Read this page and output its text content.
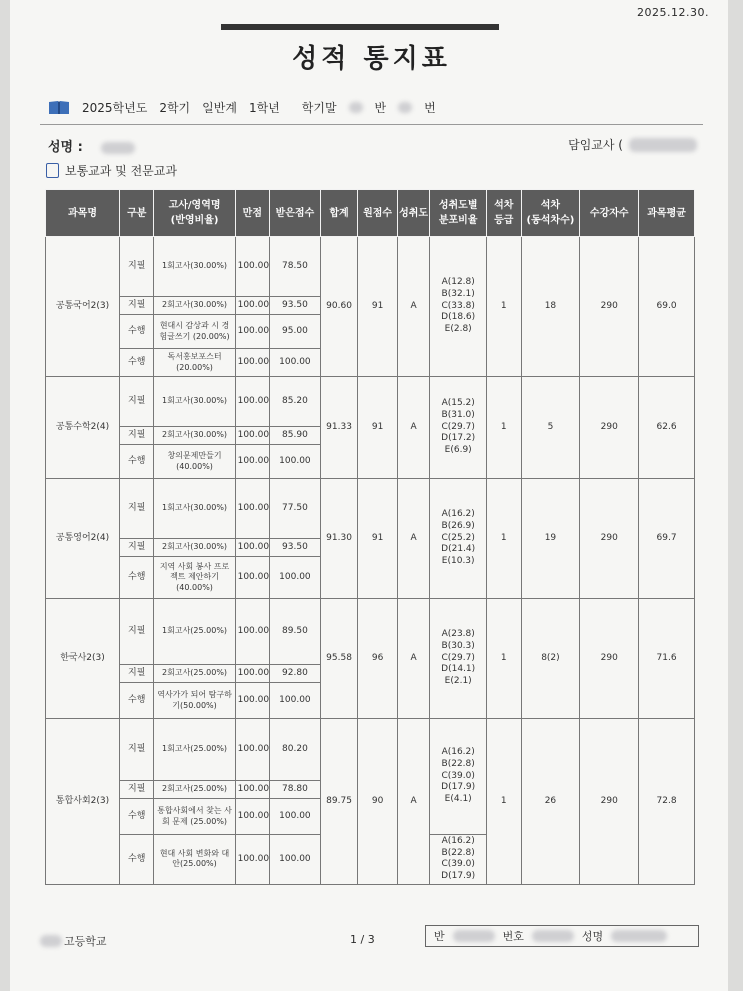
2025.12.30.
성적 통지표
2025학년도 2학기 일반계 1학년 학기말	반	번
성명 :	담임교사 (
보통교과 및 전문교과
과목명	구분	고사/영역명
(반영비율)	만점	받은점수	합계	원점수	성취도	성취도별
분포비율	석차
등급	석차
(동석차수)	수강자수	과목평균
공통국어2(3)	지필	1회고사(30.00%)	100.00	78.50	90.60	91	A	A(12.8)
B(32.1)
C(33.8)
D(18.6)
E(2.8)	1	18	290	69.0
	지필	2회고사(30.00%)	100.00	93.50								
	수행	현대시 감상과 시 경험글쓰기 (20.00%)	100.00	95.00								
	수행	독서홍보포스터 (20.00%)	100.00	100.00								
공통수학2(4)	지필	1회고사(30.00%)	100.00	85.20	91.33	91	A	A(15.2)
B(31.0)
C(29.7)
D(17.2)
E(6.9)	1	5	290	62.6
	지필	2회고사(30.00%)	100.00	85.90								
	수행	창의문제만들기 (40.00%)	100.00	100.00								
공통영어2(4)	지필	1회고사(30.00%)	100.00	77.50	91.30	91	A	A(16.2)
B(26.9)
C(25.2)
D(21.4)
E(10.3)	1	19	290	69.7
	지필	2회고사(30.00%)	100.00	93.50								
	수행	지역 사회 봉사 프로젝트 제안하기(40.00%)	100.00	100.00								
한국사2(3)	지필	1회고사(25.00%)	100.00	89.50	95.58	96	A	A(23.8)
B(30.3)
C(29.7)
D(14.1)
E(2.1)	1	8(2)	290	71.6
	지필	2회고사(25.00%)	100.00	92.80								
	수행	역사가가 되어 탐구하기(50.00%)	100.00	100.00								
통합사회2(3)	지필	1회고사(25.00%)	100.00	80.20	89.75	90	A	A(16.2)
B(22.8)
C(39.0)
D(17.9)
E(4.1)	1	26	290	72.8
	지필	2회고사(25.00%)	100.00	78.80								
	수행	통합사회에서 찾는 사회 문제 (25.00%)	100.00	100.00								
	수행	현대 사회 변화와 대안(25.00%)	100.00	100.00				A(16.2)
B(22.8)
C(39.0)
D(17.9)				
고등학교	1 / 3	반	번호	성명
